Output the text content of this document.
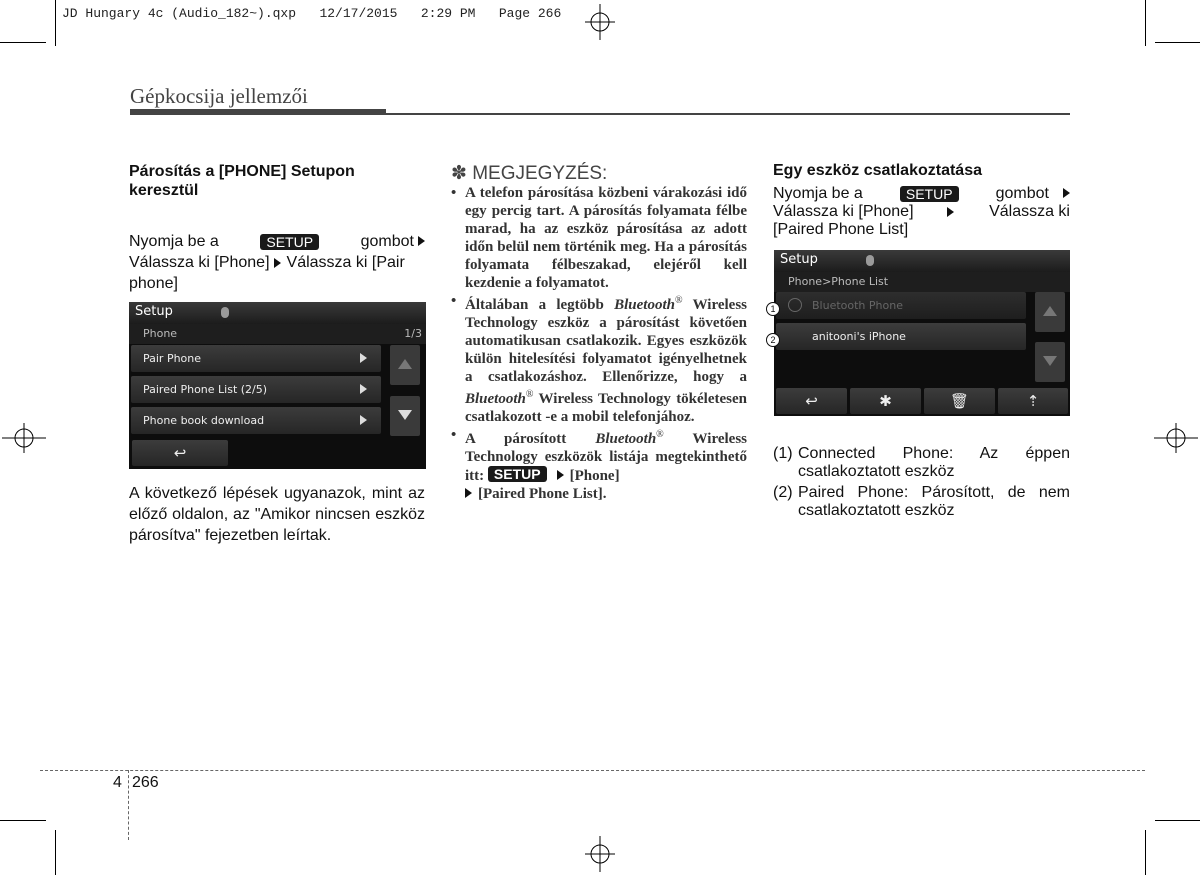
JD Hungary 4c (Audio_182~).qxp   12/17/2015   2:29 PM   Page 266
Gépkocsija jellemzői
Párosítás a [PHONE] Setupon keresztül
Nyomja be a	SETUP	gombot
Válassza ki [Phone] Válassza ki [Pair
phone]
Setup
Phone	1/3
Pair Phone
Paired Phone List (2/5)
Phone book download
↩
A következő lépések ugyanazok, mint az előző oldalon, az "Amikor nincsen eszköz párosítva" fejezetben leírtak.
✽ MEGJEGYZÉS:
• A telefon párosítása közbeni várakozási idő egy percig tart. A párosítás folyamata félbe marad, ha az eszköz párosítása az adott időn belül nem történik meg. Ha a párosítás folyamata félbeszakad, elejéről kell kezdenie a folyamatot.
• Általában a legtöbb Bluetooth® Wireless Technology eszköz a párosítást követően automatikusan csatlakozik. Egyes eszközök külön hitelesítési folyamatot igényelhetnek a csatlakozáshoz. Ellenőrizze, hogy a Bluetooth® Wireless Technology tökéletesen csatlakozott -e a mobil telefonjához.
• A párosított Bluetooth® Wireless Technology eszközök listája megtekinthető itt: SETUP [Phone]
[Paired Phone List].
Egy eszköz csatlakoztatása
Nyomja be a	SETUP	gombot
Válassza ki [Phone]	Válassza ki
[Paired Phone List]
Setup
Phone>Phone List
Bluetooth Phone
anitooni's iPhone
↩	✱	🗑	⇡
1
2
(1) Connected Phone: Az éppen csatlakoztatott eszköz
(2) Paired Phone: Párosított, de nem csatlakoztatott eszköz
4 266
